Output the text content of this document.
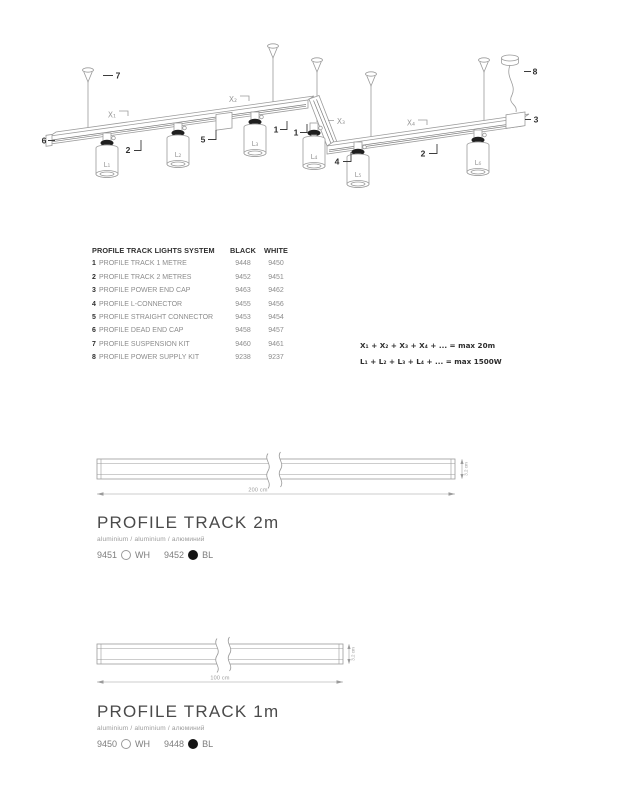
L₁
L₂
L₃
L₄
L₅
L₆
1 1
2	2
3
4
5
6
7	8
X₁
X₂
X₃	X₄
200 cm
3.2 cm
100 cm
3.2 cm
PROFILE TRACK LIGHTS SYSTEM	BLACK	WHITE
1 PROFILE TRACK 1 METRE	9448	9450
2 PROFILE TRACK 2 METRES	9452	9451
3 PROFILE POWER END CAP	9463	9462
4 PROFILE L-CONNECTOR	9455	9456
5 PROFILE STRAIGHT CONNECTOR	9453	9454
6 PROFILE DEAD END CAP	9458	9457
7 PROFILE SUSPENSION KIT	9460	9461
8 PROFILE POWER SUPPLY KIT	9238	9237
X₁ + X₂ + X₃ + X₄ + ... = max 20m
L₁ + L₂ + L₃ + L₄ + ... = max 1500W
PROFILE TRACK 2m
aluminium / aluminium / алюминий
9451 WH 9452 BL
PROFILE TRACK 1m
aluminium / aluminium / алюминий
9450 WH 9448 BL
